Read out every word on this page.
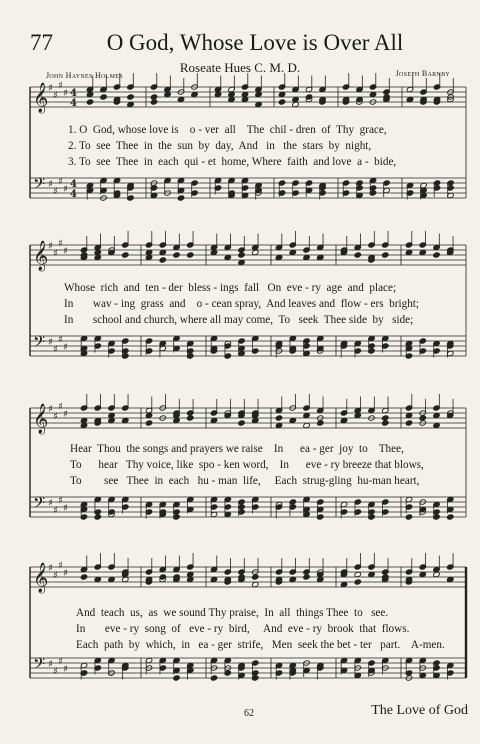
77	O God, Whose Love is Over All
Roseate Hues C. M. D.
John Haynes Holmes	Joseph Barnby
𝄞
𝄢
♯
♯
♯
♯
♯
♯
♯
♯
4
4
4
4
𝄞
𝄢
♯
♯
♯
♯
♯
♯
♯
♯
𝄞
𝄢
♯
♯
♯
♯
♯
♯
♯
♯
𝄞
𝄢
♯
♯
♯
♯
♯
♯
♯
♯
1. O  God, whose love is    o - ver  all    The  chil - dren  of  Thy  grace,
2. To  see  Thee  in  the  sun  by  day,  And   in   the  stars  by  night,
3. To  see  Thee  in  each  qui - et  home, Where  faith  and love  a -  bide,
Whose  rich  and  ten - der  bless - ings  fall   On  eve - ry  age  and  place;
In       wav - ing  grass  and    o - cean spray,  And leaves and  flow - ers  bright;
In       school and church, where all may come,  To   seek  Thee side  by   side;
Hear  Thou  the songs and prayers we raise    In      ea - ger  joy  to    Thee,
To      hear   Thy voice, like  spo - ken word,    In      eve - ry breeze that blows,
To        see   Thee  in  each   hu - man  life,     Each  strug-gling  hu-man heart,
And  teach  us,  as  we sound Thy praise,  In  all  things Thee  to   see.
In       eve - ry  song  of   eve - ry  bird,     And  eve - ry  brook  that  flows.
Each  path  by  which,  in   ea - ger  strife,   Men  seek the bet - ter   part.    A-men.
62	The Love of God
